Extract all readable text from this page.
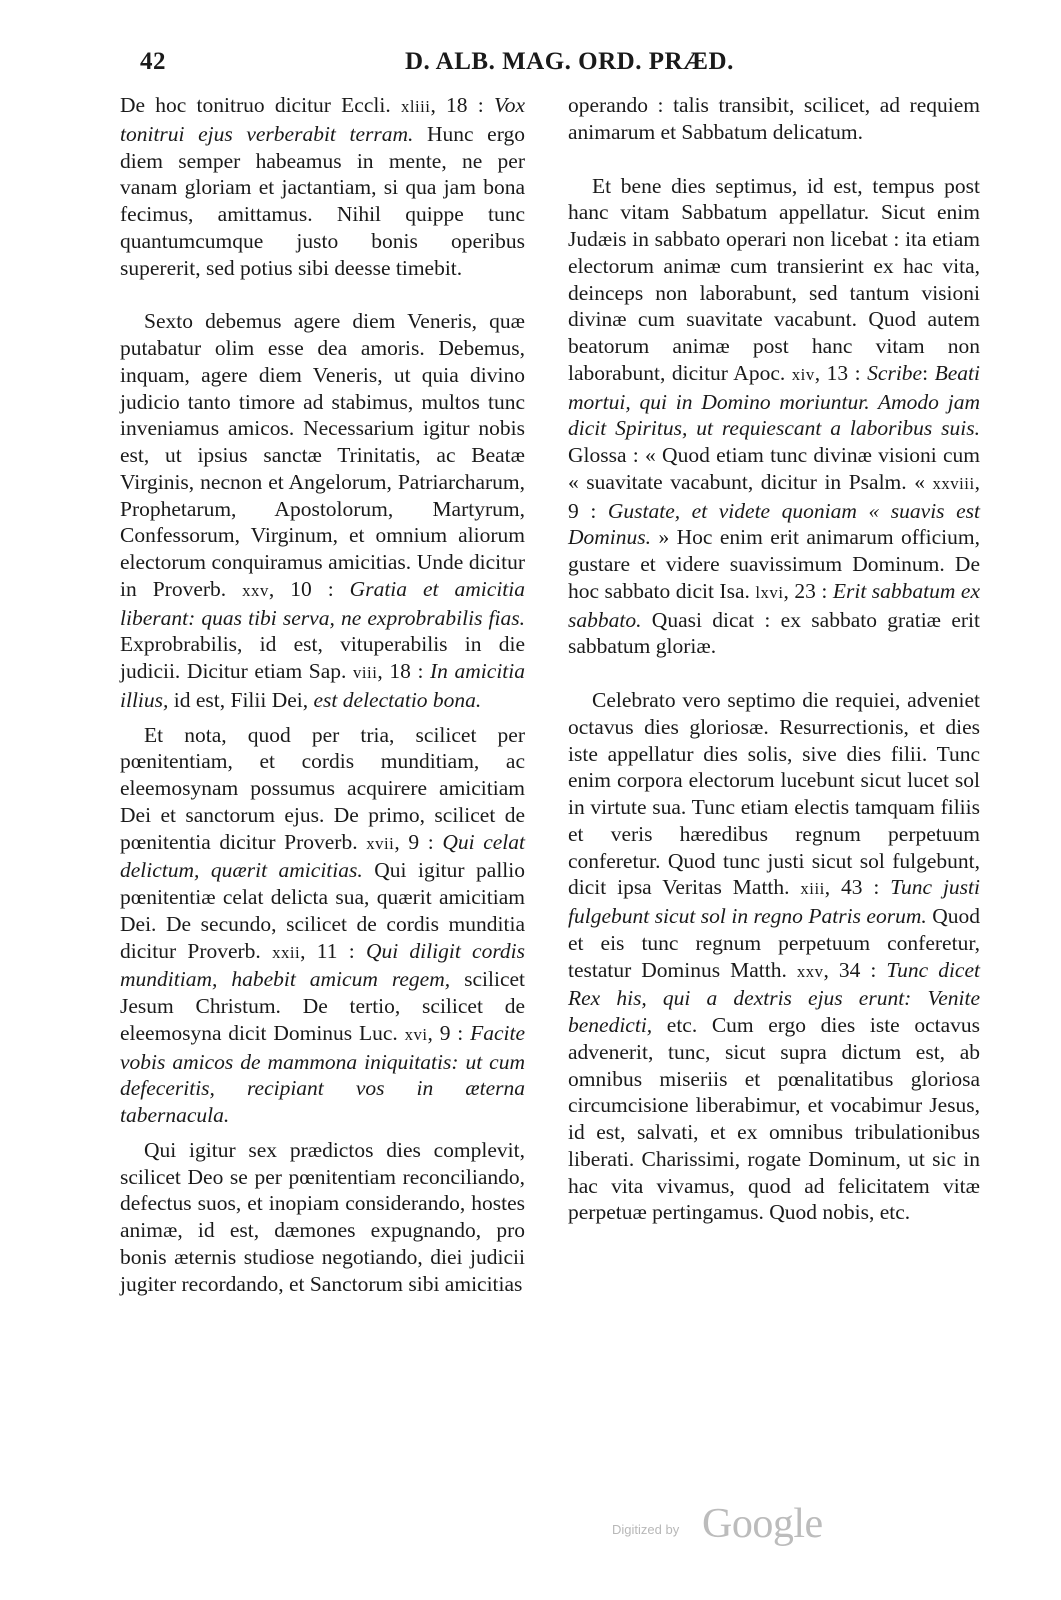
42	D. ALB. MAG. ORD. PRÆD.

De hoc tonitruo dicitur Eccli. xliii, 18 : Vox tonitrui ejus verberabit terram. Hunc ergo diem semper habeamus in mente, ne per vanam gloriam et jactantiam, si qua jam bona fecimus, amittamus. Nihil quippe tunc quantumcumque justo bonis operibus supererit, sed potius sibi deesse timebit.

Sexto debemus agere diem Veneris, quæ putabatur olim esse dea amoris. Debemus, inquam, agere diem Veneris, ut quia divino judicio tanto timore ad stabimus, multos tunc inveniamus amicos. Necessarium igitur nobis est, ut ipsius sanctæ Trinitatis, ac Beatæ Virginis, necnon et Angelorum, Patriarcharum, Prophetarum, Apostolorum, Martyrum, Confessorum, Virginum, et omnium aliorum electorum conquiramus amicitias. Unde dicitur in Proverb. xxv, 10 : Gratia et amicitia liberant: quas tibi serva, ne exprobrabilis fias. Exprobrabilis, id est, vituperabilis in die judicii. Dicitur etiam Sap. viii, 18 : In amicitia illius, id est, Filii Dei, est delectatio bona.

Et nota, quod per tria, scilicet per pœnitentiam, et cordis munditiam, ac eleemosynam possumus acquirere amicitiam Dei et sanctorum ejus. De primo, scilicet de pœnitentia dicitur Proverb. xvii, 9 : Qui celat delictum, quærit amicitias. Qui igitur pallio pœnitentiæ celat delicta sua, quærit amicitiam Dei. De secundo, scilicet de cordis munditia dicitur Proverb. xxii, 11 : Qui diligit cordis munditiam, habebit amicum regem, scilicet Jesum Christum. De tertio, scilicet de eleemosyna dicit Dominus Luc. xvi, 9 : Facite vobis amicos de mammona iniquitatis: ut cum defeceritis, recipiant vos in æterna tabernacula.

Qui igitur sex prædictos dies complevit, scilicet Deo se per pœnitentiam reconciliando, defectus suos, et inopiam considerando, hostes animæ, id est, dæmones expugnando, pro bonis æternis studiose negotiando, diei judicii jugiter recordando, et Sanctorum sibi amicitias

operando : talis transibit, scilicet, ad requiem animarum et Sabbatum delicatum.

Et bene dies septimus, id est, tempus post hanc vitam Sabbatum appellatur. Sicut enim Judæis in sabbato operari non licebat : ita etiam electorum animæ cum transierint ex hac vita, deinceps non laborabunt, sed tantum visioni divinæ cum suavitate vacabunt. Quod autem beatorum animæ post hanc vitam non laborabunt, dicitur Apoc. xiv, 13 : Scribe: Beati mortui, qui in Domino moriuntur. Amodo jam dicit Spiritus, ut requiescant a laboribus suis. Glossa : « Quod etiam tunc divinæ visioni cum « suavitate vacabunt, dicitur in Psalm. « xxviii, 9 : Gustate, et videte quoniam « suavis est Dominus. » Hoc enim erit animarum officium, gustare et videre suavissimum Dominum. De hoc sabbato dicit Isa. lxvi, 23 : Erit sabbatum ex sabbato. Quasi dicat : ex sabbato gratiæ erit sabbatum gloriæ.

Celebrato vero septimo die requiei, adveniet octavus dies gloriosæ. Resurrectionis, et dies iste appellatur dies solis, sive dies filii. Tunc enim corpora electorum lucebunt sicut lucet sol in virtute sua. Tunc etiam electis tamquam filiis et veris hæredibus regnum perpetuum conferetur. Quod tunc justi sicut sol fulgebunt, dicit ipsa Veritas Matth. xiii, 43 : Tunc justi fulgebunt sicut sol in regno Patris eorum. Quod et eis tunc regnum perpetuum conferetur, testatur Dominus Matth. xxv, 34 : Tunc dicet Rex his, qui a dextris ejus erunt: Venite benedicti, etc. Cum ergo dies iste octavus advenerit, tunc, sicut supra dictum est, ab omnibus miseriis et pœnalitatibus gloriosa circumcisione liberabimur, et vocabimur Jesus, id est, salvati, et ex omnibus tribulationibus liberati. Charissimi, rogate Dominum, ut sic in hac vita vivamus, quod ad felicitatem vitæ perpetuæ pertingamus. Quod nobis, etc.

Digitized by Google
